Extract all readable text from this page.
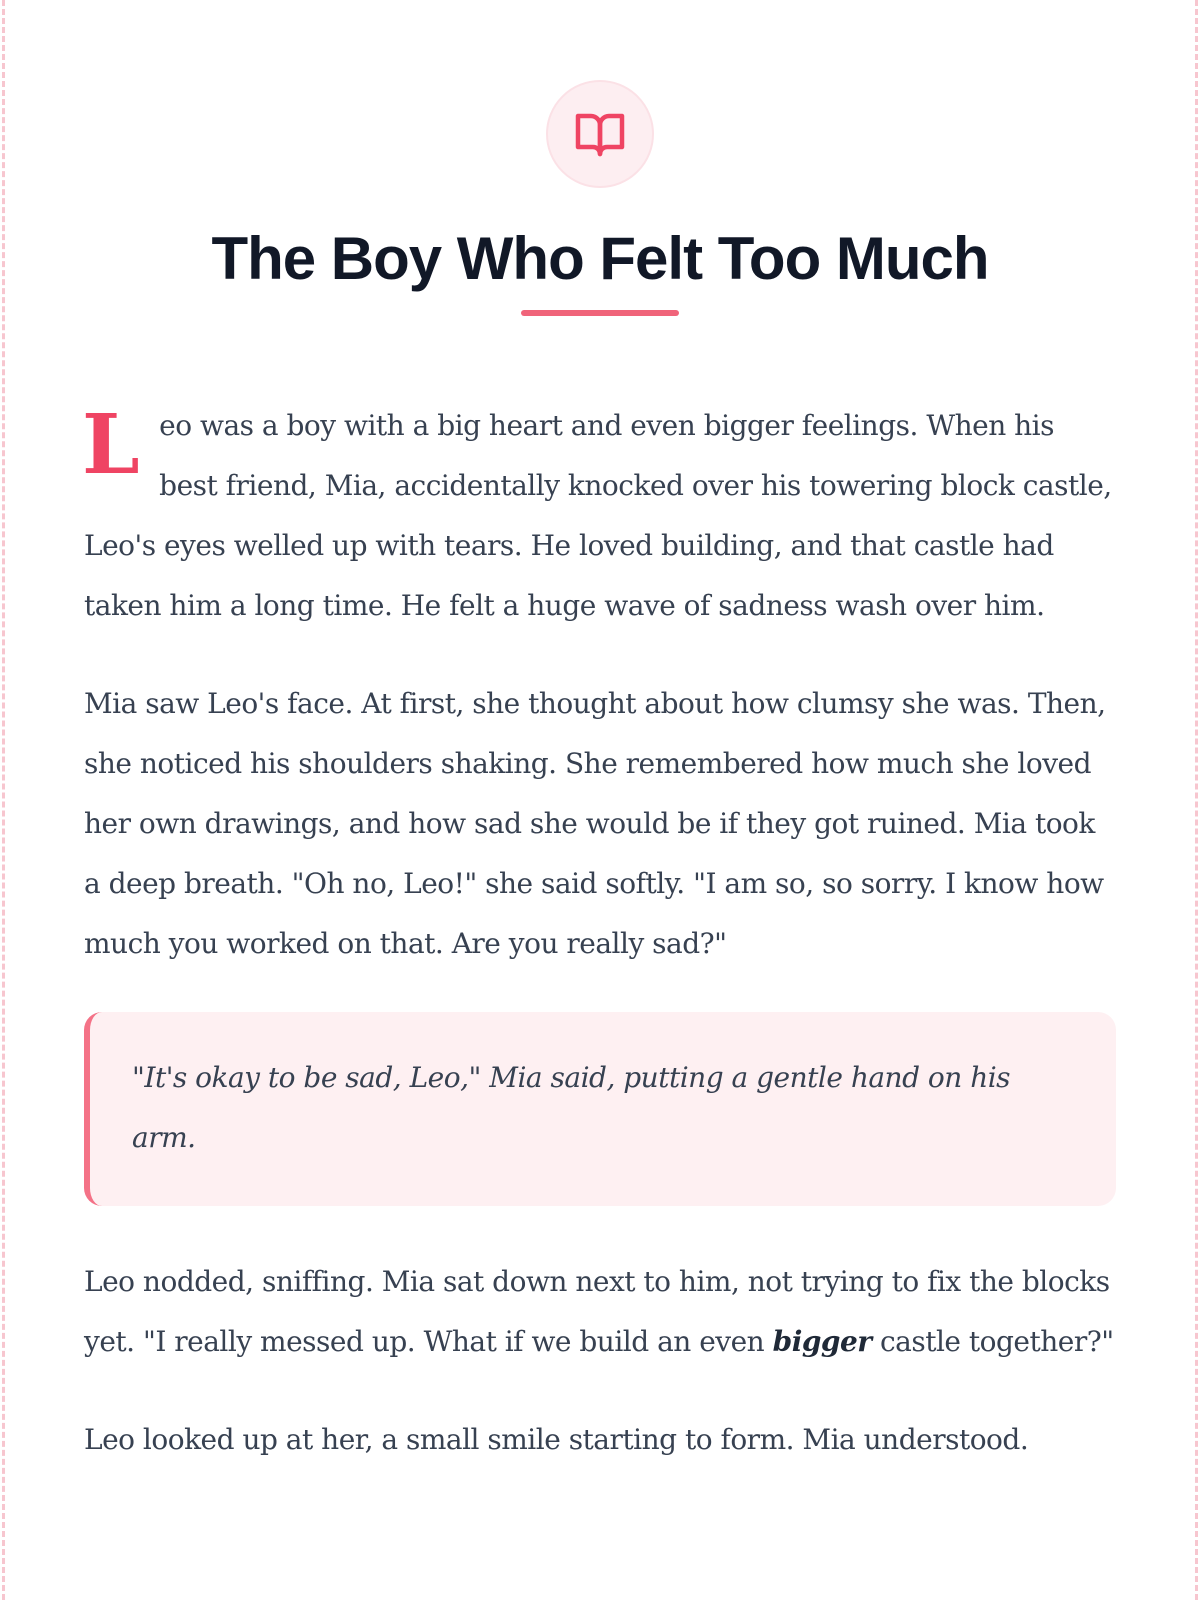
The Boy Who Felt Too Much

Leo was a boy with a big heart and even bigger feelings. When his best friend, Mia, accidentally knocked over his towering block castle, Leo's eyes welled up with tears. He loved building, and that castle had taken him a long time. He felt a huge wave of sadness wash over him.

Mia saw Leo's face. At first, she thought about how clumsy she was. Then, she noticed his shoulders shaking. She remembered how much she loved her own drawings, and how sad she would be if they got ruined. Mia took a deep breath. "Oh no, Leo!" she said softly. "I am so, so sorry. I know how much you worked on that. Are you really sad?"

"It's okay to be sad, Leo," Mia said, putting a gentle hand on his arm.

Leo nodded, sniffing. Mia sat down next to him, not trying to fix the blocks yet. "I really messed up. What if we build an even bigger castle together?"

Leo looked up at her, a small smile starting to form. Mia understood.
